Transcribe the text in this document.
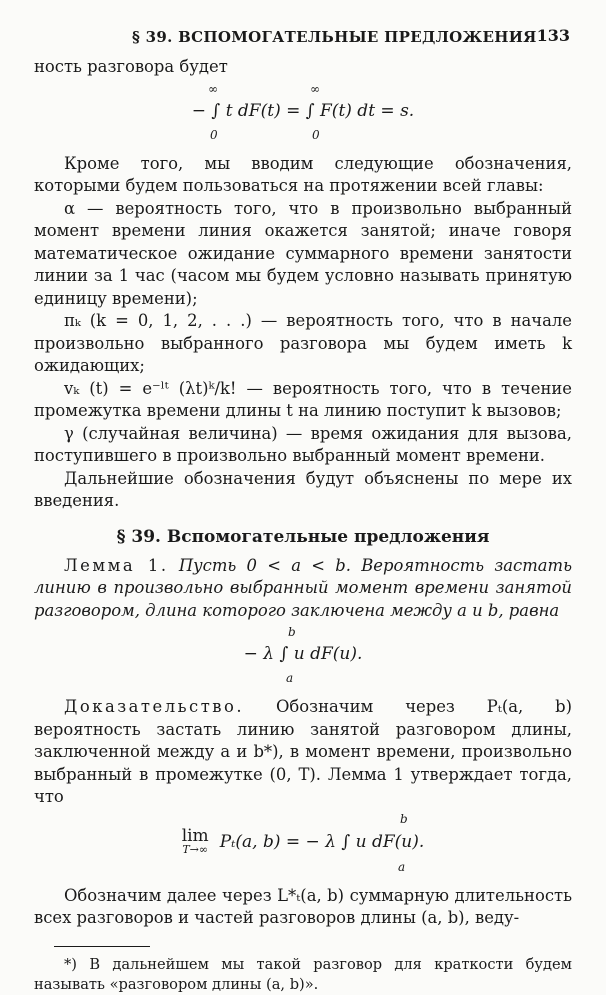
§ 39. ВСПОМОГАТЕЛЬНЫЕ ПРЕДЛОЖЕНИЯ 133

ность разговора будет

∞	∞
− ∫ t dF(t) = ∫ F(t) dt = s.
0	0

Кроме того, мы вводим следующие обозначения, которыми будем пользоваться на протяжении всей главы:

α — вероятность того, что в произвольно выбранный момент времени линия окажется занятой; иначе говоря математическое ожидание суммарного времени занятости линии за 1 час (часом мы будем условно называть принятую единицу времени);

πₖ (k = 0, 1, 2, . . .) — вероятность того, что в начале произвольно выбранного разговора мы будем иметь k ожидающих;

vₖ (t) = e⁻ˡᵗ (λt)ᵏ/k! — вероятность того, что в течение промежутка времени длины t на линию поступит k вызовов;

γ (случайная величина) — время ожидания для вызова, поступившего в произвольно выбранный момент времени.

Дальнейшие обозначения будут объяснены по мере их введения.

§ 39. Вспомогательные предложения

Лемма 1. Пусть 0 < a < b. Вероятность застать линию в произвольно выбранный момент времени занятой разговором, длина которого заключена между a и b, равна

b
− λ ∫ u dF(u).
a

Доказательство. Обозначим через Pₜ(a, b) вероятность застать линию занятой разговором длины, заключенной между a и b*), в момент времени, произвольно выбранный в промежутке (0, T). Лемма 1 утверждает тогда, что

b
lim
T→∞ Pₜ(a, b) = − λ ∫ u dF(u).
a

Обозначим далее через L*ₜ(a, b) суммарную длительность всех разговоров и частей разговоров длины (a, b), веду-

*) В дальнейшем мы такой разговор для краткости будем называть «разговором длины (a, b)».
